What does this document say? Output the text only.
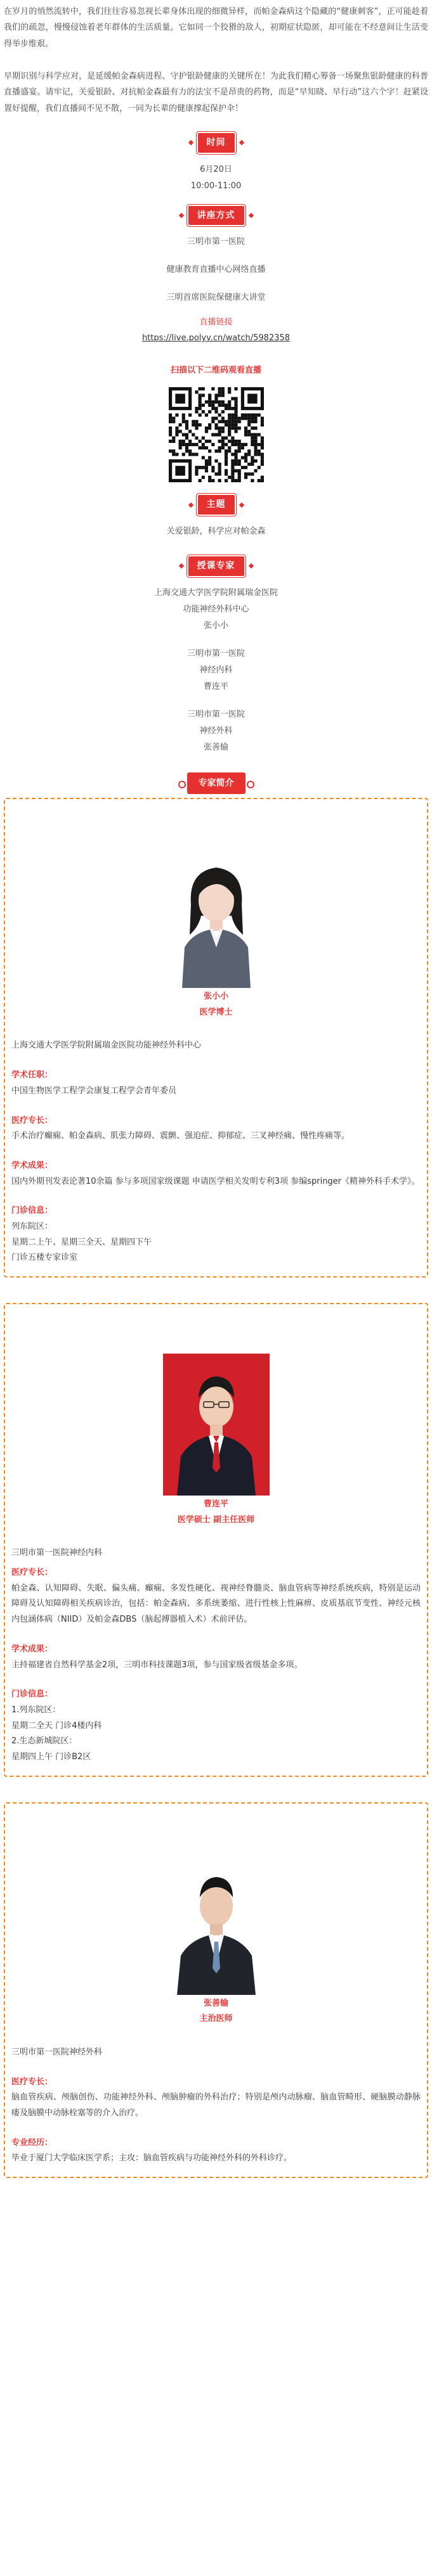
在岁月的悄然流转中，我们往往容易忽视长辈身体出现的细微异样，而帕金森病这个隐藏的“健康刺客”，正可能趁着我们的疏忽，慢慢侵蚀着老年群体的生活质量。它如同一个狡猾的敌人，初期症状隐匿，却可能在不经意间让生活变得举步维艰。

早期识别与科学应对，是延缓帕金森病进程、守护银龄健康的关键所在！为此我们精心筹备一场聚焦银龄健康的科普直播盛宴。请牢记，关爱银龄、对抗帕金森最有力的法宝不是昂贵的药物，而是“早知晓、早行动”这六个字！赶紧设置好提醒，我们直播间不见不散，一同为长辈的健康撑起保护伞！

时间
6月20日
10:00-11:00
讲座方式
三明市第一医院
健康教育直播中心网络直播
三明首席医院保健康大讲堂
直播链接
https://live.polyv.cn/watch/5982358
扫描以下二维码观看直播
主题
关爱银龄，科学应对帕金森
授课专家
上海交通大学医学院附属瑞金医院
功能神经外科中心
张小小
三明市第一医院
神经内科
曹连平
三明市第一医院
神经外科
张善输
专家简介
张小小
医学博士
上海交通大学医学院附属瑞金医院功能神经外科中心
学术任职：
中国生物医学工程学会康复工程学会青年委员
医疗专长：
手术治疗癫痫、帕金森病、肌张力障碍、震颤、强迫症、抑郁症、三叉神经痛、慢性疼痛等。
学术成果：
国内外期刊发表论著10余篇 参与多项国家级课题 申请医学相关发明专利3项 参编springer《精神外科手术学》。
门诊信息：
列东院区：
星期二上午、星期三全天、星期四下午
门诊五楼专家诊室
曹连平
医学硕士 副主任医师
三明市第一医院神经内科
医疗专长：
帕金森、认知障碍、失眠、偏头痛、癫痫、多发性硬化、视神经脊髓炎、脑血管病等神经系统疾病，特别是运动障碍及认知障碍相关疾病诊治，包括：帕金森病、多系统萎缩、进行性核上性麻痹、皮质基底节变性、神经元核内包涵体病（NIID）及帕金森DBS（脑起搏器植入术）术前评估。
学术成果：
主持福建省自然科学基金2项，三明市科技课题3项，参与国家级省级基金多项。
门诊信息：
1.列东院区：
星期二全天 门诊4楼内科
2.生态新城院区：
星期四上午 门诊B2区
张善输
主治医师
三明市第一医院神经外科
医疗专长：
脑血管疾病、颅脑创伤、功能神经外科、颅脑肿瘤的外科治疗；特别是颅内动脉瘤、脑血管畸形、硬脑膜动静脉瘘及脑膜中动脉栓塞等的介入治疗。
专业经历：
毕业于厦门大学临床医学系；主攻：脑血管疾病与功能神经外科的外科诊疗。
